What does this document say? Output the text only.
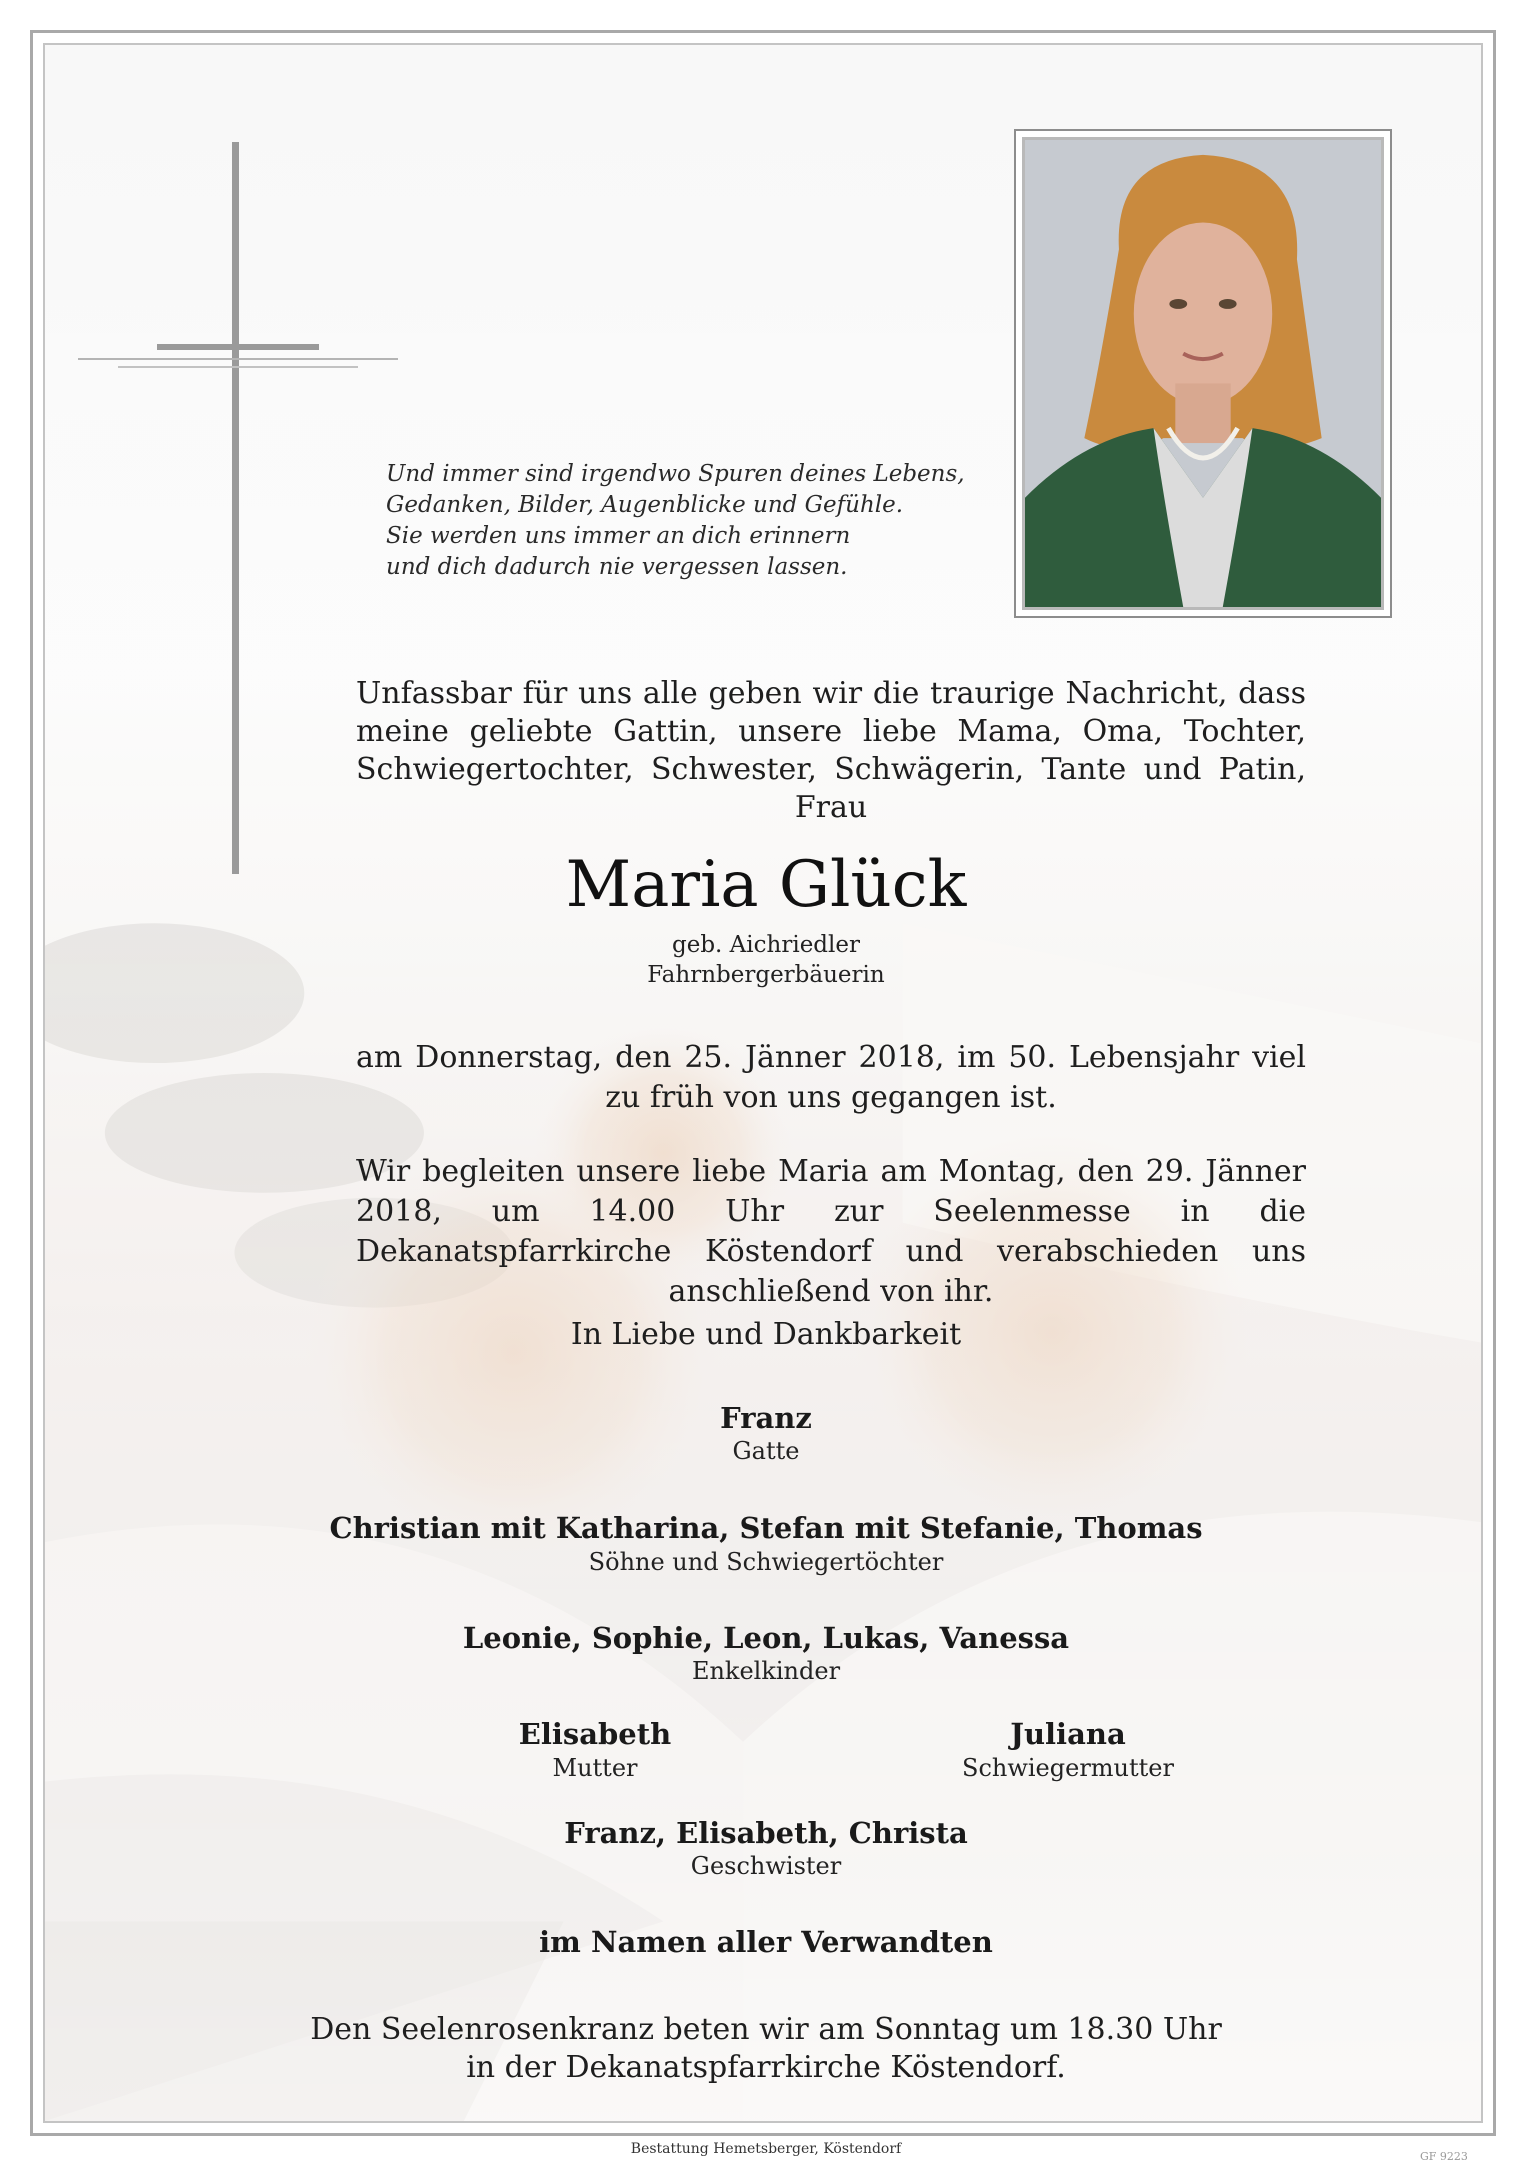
Und immer sind irgendwo Spuren deines Lebens,
Gedanken, Bilder, Augenblicke und Gefühle.
Sie werden uns immer an dich erinnern
und dich dadurch nie vergessen lassen.
Unfassbar für uns alle geben wir die traurige Nachricht, dass meine geliebte Gattin, unsere liebe Mama, Oma, Tochter, Schwiegertochter, Schwester, Schwägerin, Tante und Patin, Frau
Maria Glück
geb. Aichriedler
Fahrnbergerbäuerin
am Donnerstag, den 25. Jänner 2018, im 50. Lebensjahr viel zu früh von uns gegangen ist.
Wir begleiten unsere liebe Maria am Montag, den 29. Jänner 2018, um 14.00 Uhr zur Seelenmesse in die Dekanatspfarrkirche Köstendorf und verabschieden uns anschließend von ihr.
In Liebe und Dankbarkeit
Franz
Gatte
Christian mit Katharina, Stefan mit Stefanie, Thomas
Söhne und Schwiegertöchter
Leonie, Sophie, Leon, Lukas, Vanessa
Enkelkinder
Elisabeth
Mutter
Juliana
Schwiegermutter
Franz, Elisabeth, Christa
Geschwister
im Namen aller Verwandten
Den Seelenrosenkranz beten wir am Sonntag um 18.30 Uhr
in der Dekanatspfarrkirche Köstendorf.
Bestattung Hemetsberger, Köstendorf	GF 9223
